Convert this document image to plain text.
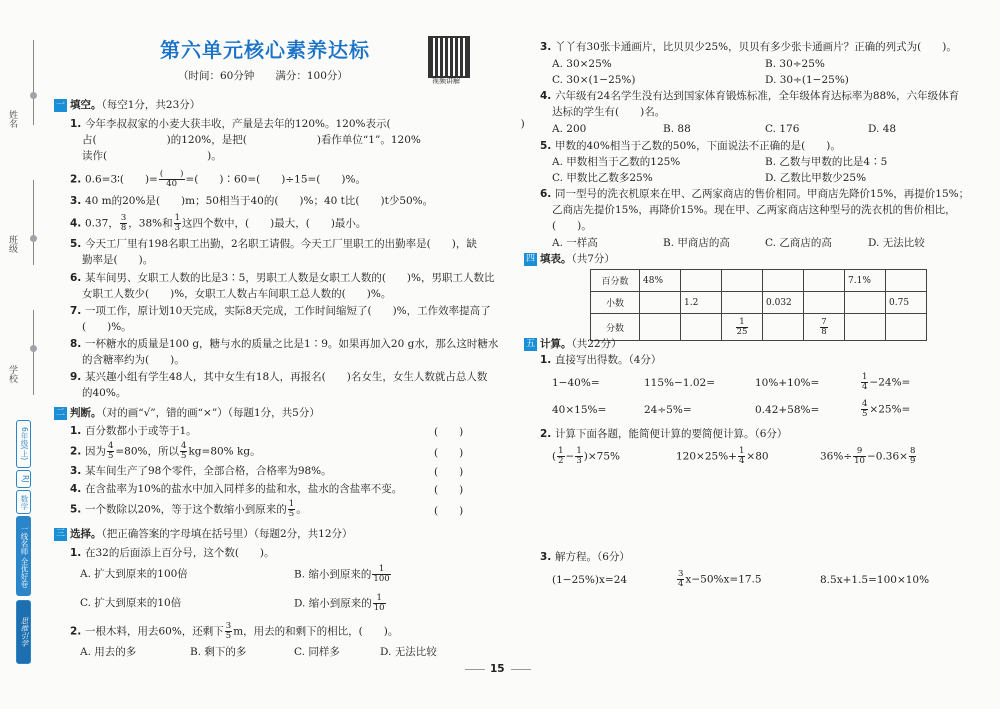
姓名
班级
学校
6年级(上)
RJ
数学
一线名师 全优好卷
思维引学
第六单元核心素养达标
（时间：60分钟　　满分：100分）	视频讲解
一 填空。（每空1分，共23分）
1. 今年李叔叔家的小麦大获丰收，产量是去年的120%。120%表示(	)
占(	)的120%，是把(	)看作单位“1”。120%
读作(	)。
2. 0.6=3∶(　　)= $\frac{( )}{40}$ =(　　)∶60=(　　)÷15=(　　)%。
3. 40 m的20%是(　　)m；50相当于40的(　　)%；40 t比(　　)t少50%。
4. 0.37， $\frac{3}{8}$ ，38%和 $\frac{1}{3}$ 这四个数中，(　　)最大，(　　)最小。
5. 今天工厂里有198名职工出勤，2名职工请假。今天工厂里职工的出勤率是(　　)，缺
勤率是(　　)。
6. 某车间男、女职工人数的比是3∶5，男职工人数是女职工人数的(　　)%，男职工人数比
女职工人数少(　　)%，女职工人数占车间职工总人数的(　　)%。
7. 一项工作，原计划10天完成，实际8天完成，工作时间缩短了(　　)%，工作效率提高了
(　　)%。
8. 一杯糖水的质量是100 g，糖与水的质量之比是1∶9。如果再加入20 g水，那么这时糖水
的含糖率约为(　　)。
9. 某兴趣小组有学生48人，其中女生有18人，再报名(　　)名女生，女生人数就占总人数
的40%。
二 判断。（对的画“√”，错的画“×”）（每题1分，共5分）
1. 百分数都小于或等于1。	(　　)
2. 因为 $\frac{4}{5} =80\%$，所以 $\frac{4}{5} kg=80\%$ kg。	(　　)
3. 某车间生产了98个零件，全部合格，合格率为98%。	(　　)
4. 在含盐率为10%的盐水中加入同样多的盐和水，盐水的含盐率不变。	(　　)
5. 一个数除以20%，等于这个数缩小到原来的 $\frac{1}{5}$ 。	(　　)
三 选择。（把正确答案的字母填在括号里）（每题2分，共12分）
1. 在32的后面添上百分号，这个数(　　)。
A. 扩大到原来的100倍	B. 缩小到原来的 $\frac{1}{100}$
C. 扩大到原来的10倍	D. 缩小到原来的 $\frac{1}{10}$
2. 一根木料，用去60%，还剩下 $\frac{3}{5}$ m，用去的和剩下的相比，(　　)。
A. 用去的多	B. 剩下的多	C. 同样多	D. 无法比较
3. 丫丫有30张卡通画片，比贝贝少25%，贝贝有多少张卡通画片？正确的列式为(　　)。
A. 30×25%	B. 30÷25%
C. 30×(1−25%)	D. 30÷(1−25%)
4. 六年级有24名学生没有达到国家体育锻炼标准，全年级体育达标率为88%，六年级体育
达标的学生有(　　)名。
A. 200	B. 88	C. 176	D. 48
5. 甲数的40%相当于乙数的50%，下面说法不正确的是(　　)。
A. 甲数相当于乙数的125%	B. 乙数与甲数的比是4∶5
C. 甲数比乙数多25%	D. 乙数比甲数少25%
6. 同一型号的洗衣机原来在甲、乙两家商店的售价相同。甲商店先降价15%，再提价15%；
乙商店先提价15%，再降价15%。现在甲、乙两家商店这种型号的洗衣机的售价相比，
(　　)。
A. 一样高	B. 甲商店的高	C. 乙商店的高	D. 无法比较
四 填表。（共7分）
百分数	48%					7.1%	
小数		1.2		0.032			0.75
分数			$\frac{1}{25}$		$\frac{7}{8}$

五 计算。（共22分）
1. 直接写出得数。（4分）
1−40%=	115%−1.02=	10%+10%=	$\frac{1}{4} -24\%=$
40×15%=	24÷5%=	0.42+58%=	$\frac{4}{5} \times 25\%=$
2. 计算下面各题，能简便计算的要简便计算。（6分）
( $\frac{1}{2} - \frac{1}{3} )\times 75\%$	$120\times 25\%+ \frac{1}{4} \times 80$	$36\%\div \frac{9}{10} -0.36\times \frac{8}{9}$
3. 解方程。（6分）
(1−25%)x=24	$\frac{3}{4} x-50\%x=17.5$	8.5x+1.5=100×10%
15
